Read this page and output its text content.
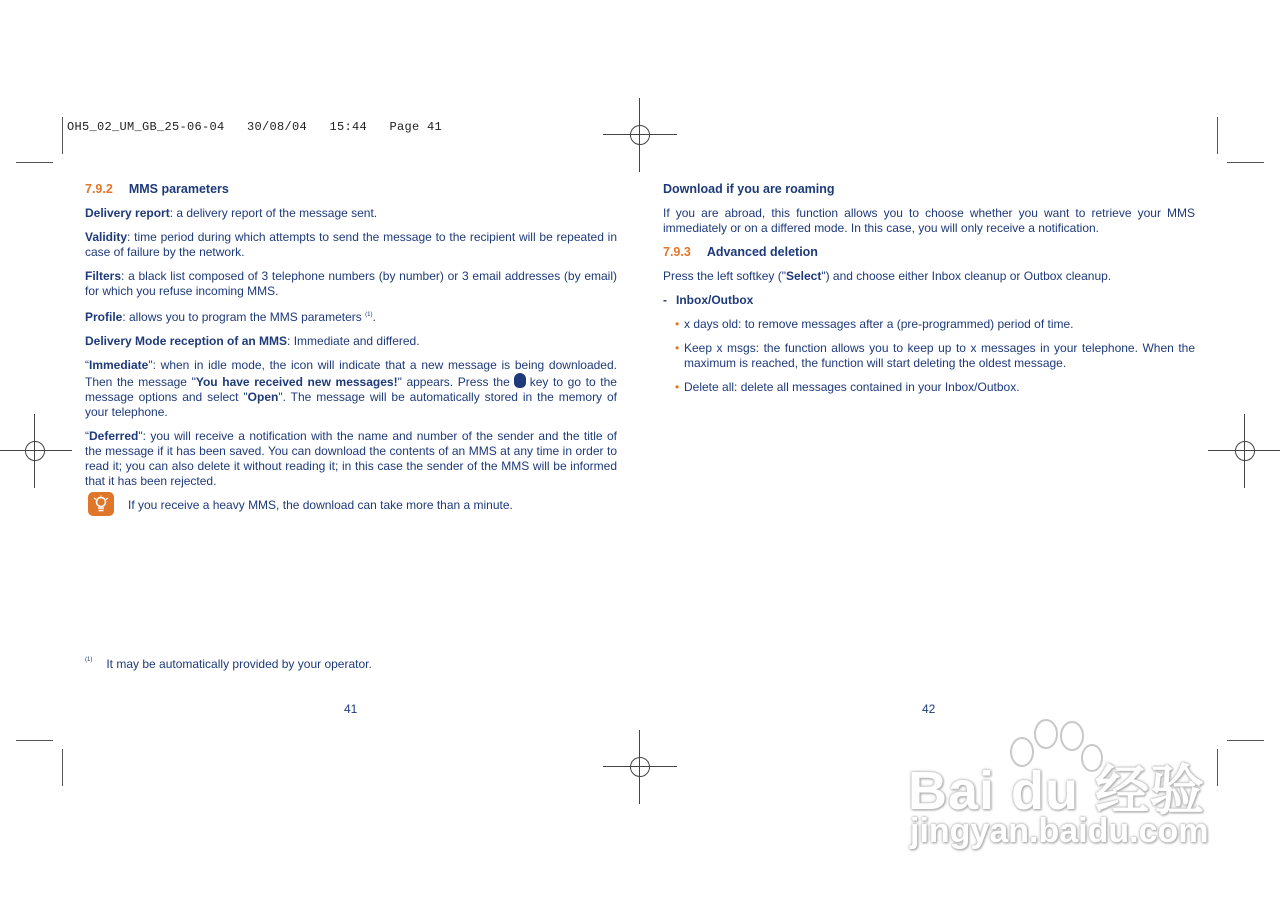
OH5_02_UM_GB_25-06-04   30/08/04   15:44   Page 41
7.9.2 MMS parameters

Delivery report: a delivery report of the message sent.

Validity: time period during which attempts to send the message to the recipient will be repeated in case of failure by the network.

Filters: a black list composed of 3 telephone numbers (by number) or 3 email addresses (by email) for which you refuse incoming MMS.

Profile: allows you to program the MMS parameters $^{(1)}$.

Delivery Mode reception of an MMS: Immediate and differed.

“Immediate": when in idle mode, the icon will indicate that a new message is being downloaded. Then the message "You have received new messages!" appears. Press the key to go to the message options and select "Open". The message will be automatically stored in the memory of your telephone.

“Deferred": you will receive a notification with the name and number of the sender and the title of the message if it has been saved. You can download the contents of an MMS at any time in order to read it; you can also delete it without reading it; in this case the sender of the MMS will be informed that it has been rejected.

If you receive a heavy MMS, the download can take more than a minute.
$^{(1)}$ It may be automatically provided by your operator.
41
Download if you are roaming

If you are abroad, this function allows you to choose whether you want to retrieve your MMS immediately or on a differed mode. In this case, you will only receive a notification.

7.9.3 Advanced deletion

Press the left softkey ("Select") and choose either Inbox cleanup or Outbox cleanup.

- Inbox/Outbox
• x days old: to remove messages after a (pre-programmed) period of time.
• Keep x msgs: the function allows you to keep up to x messages in your telephone. When the maximum is reached, the function will start deleting the oldest message.
• Delete all: delete all messages contained in your Inbox/Outbox.
42
Bai du 经验
jingyan.baidu.com
